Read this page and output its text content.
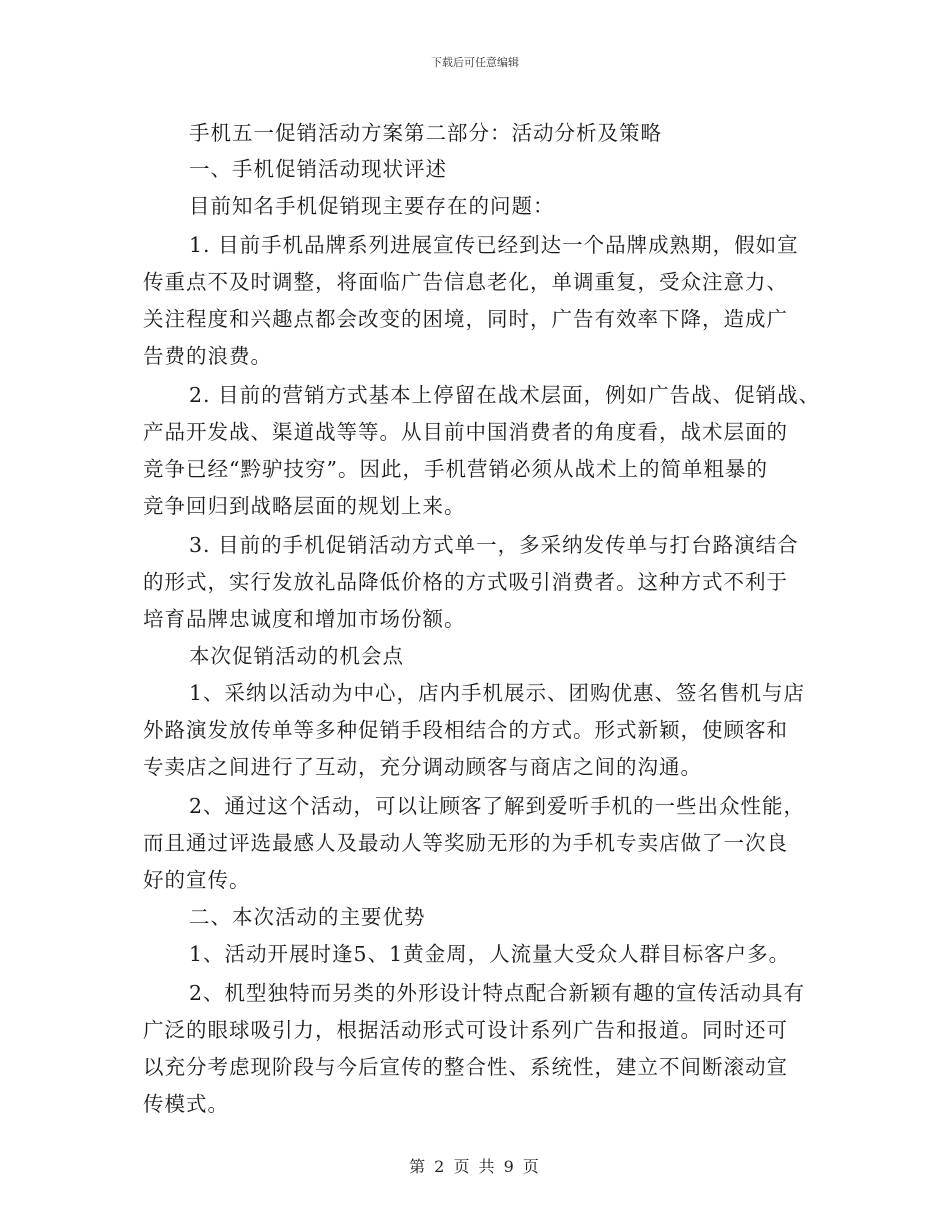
下载后可任意编辑
手机五一促销活动方案第二部分：活动分析及策略
一、手机促销活动现状评述
目前知名手机促销现主要存在的问题：
1. 目前手机品牌系列进展宣传已经到达一个品牌成熟期，假如宣
传重点不及时调整，将面临广告信息老化，单调重复，受众注意力、
关注程度和兴趣点都会改变的困境，同时，广告有效率下降，造成广
告费的浪费。
2. 目前的营销方式基本上停留在战术层面，例如广告战、促销战、
产品开发战、渠道战等等。从目前中国消费者的角度看，战术层面的
竞争已经“黔驴技穷”。因此，手机营销必须从战术上的简单粗暴的
竞争回归到战略层面的规划上来。
3. 目前的手机促销活动方式单一，多采纳发传单与打台路演结合
的形式，实行发放礼品降低价格的方式吸引消费者。这种方式不利于
培育品牌忠诚度和增加市场份额。
本次促销活动的机会点
1、采纳以活动为中心，店内手机展示、团购优惠、签名售机与店
外路演发放传单等多种促销手段相结合的方式。形式新颖，使顾客和
专卖店之间进行了互动，充分调动顾客与商店之间的沟通。
2、通过这个活动，可以让顾客了解到爱听手机的一些出众性能，
而且通过评选最感人及最动人等奖励无形的为手机专卖店做了一次良
好的宣传。
二、本次活动的主要优势
1、活动开展时逢5、1黄金周，人流量大受众人群目标客户多。
2、机型独特而另类的外形设计特点配合新颖有趣的宣传活动具有
广泛的眼球吸引力，根据活动形式可设计系列广告和报道。同时还可
以充分考虑现阶段与今后宣传的整合性、系统性，建立不间断滚动宣
传模式。
第 2 页 共 9 页
